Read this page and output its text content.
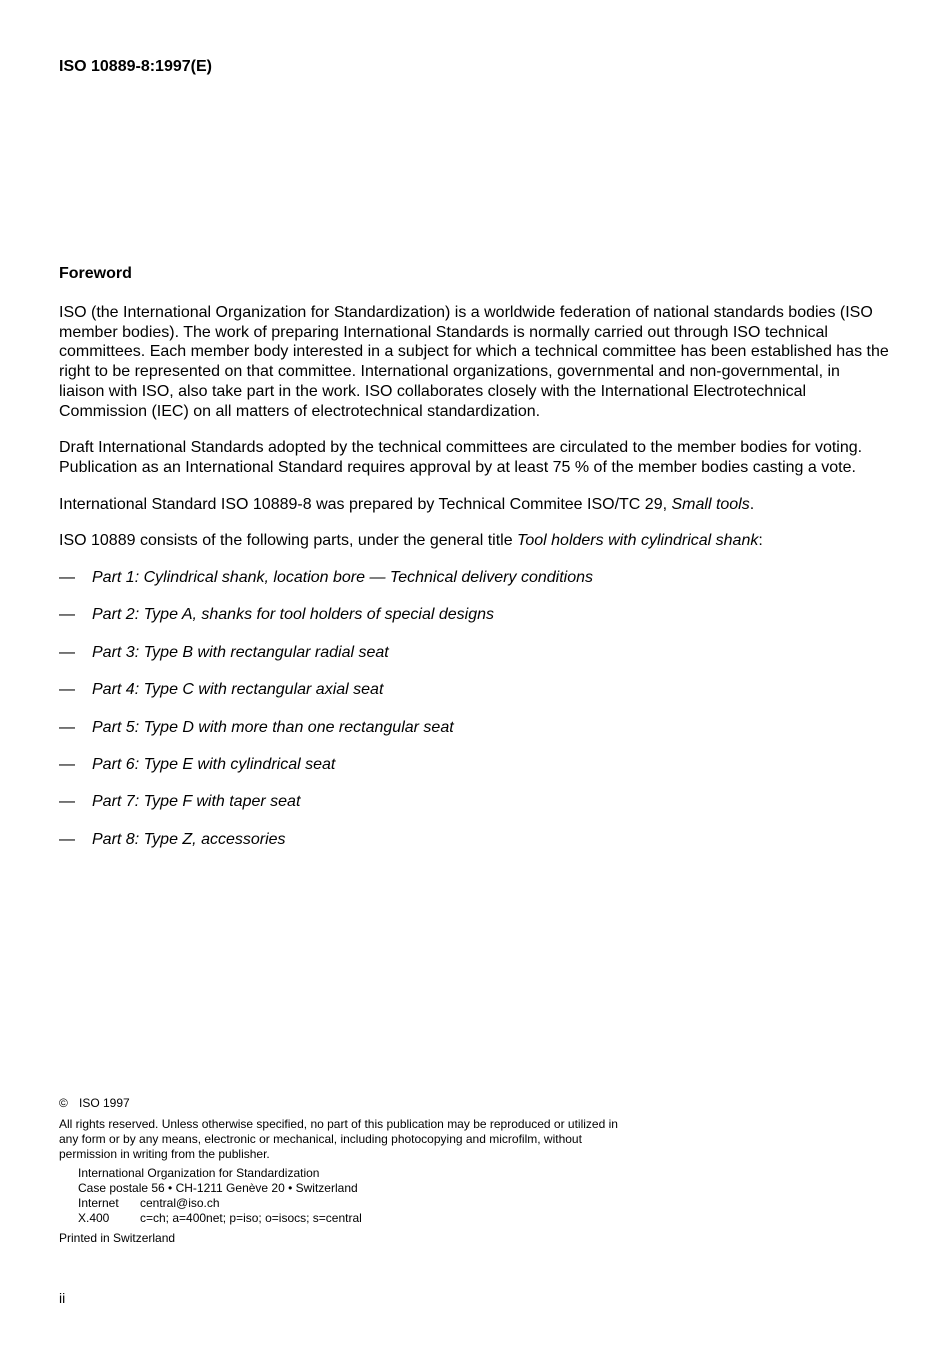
ISO 10889-8:1997(E)
Foreword

ISO (the International Organization for Standardization) is a worldwide federation of national standards bodies (ISO member bodies). The work of preparing International Standards is normally carried out through ISO technical committees. Each member body interested in a subject for which a technical committee has been established has the right to be represented on that committee. International organizations, governmental and non-governmental, in liaison with ISO, also take part in the work. ISO collaborates closely with the International Electrotechnical Commission (IEC) on all matters of electrotechnical standardization.

Draft International Standards adopted by the technical committees are circulated to the member bodies for voting. Publication as an International Standard requires approval by at least 75 % of the member bodies casting a vote.

International Standard ISO 10889-8 was prepared by Technical Commitee ISO/TC 29, Small tools.

ISO 10889 consists of the following parts, under the general title Tool holders with cylindrical shank:

—	Part 1: Cylindrical shank, location bore — Technical delivery conditions
—	Part 2: Type A, shanks for tool holders of special designs
—	Part 3: Type B with rectangular radial seat
—	Part 4: Type C with rectangular axial seat
—	Part 5: Type D with more than one rectangular seat
—	Part 6: Type E with cylindrical seat
—	Part 7: Type F with taper seat
—	Part 8: Type Z, accessories

© ISO 1997

All rights reserved. Unless otherwise specified, no part of this publication may be reproduced or utilized in any form or by any means, electronic or mechanical, including photocopying and microfilm, without permission in writing from the publisher.

International Organization for Standardization
Case postale 56 • CH-1211 Genève 20 • Switzerland
Internet central@iso.ch
X.400	c=ch; a=400net; p=iso; o=isocs; s=central

Printed in Switzerland

ii
